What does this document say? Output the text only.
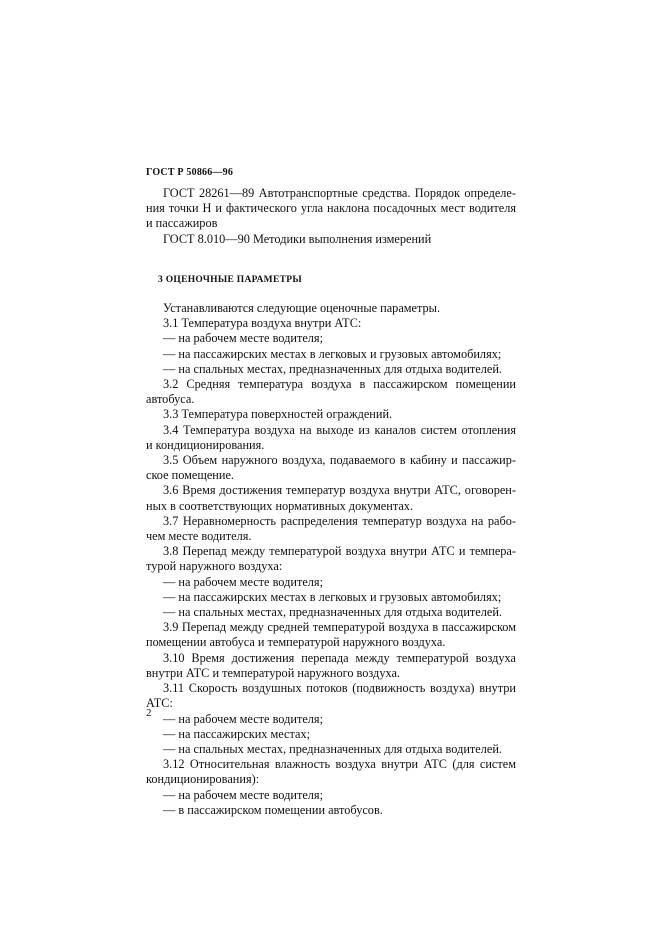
ГОСТ Р 50866—96
ГОСТ 28261—89 Автотранспортные средства. Порядок определе-
ния точки Н и фактического угла наклона посадочных мест водителя
и пассажиров
ГОСТ 8.010—90 Методики выполнения измерений
3 ОЦЕНОЧНЫЕ ПАРАМЕТРЫ
Устанавливаются следующие оценочные параметры.
3.1 Температура воздуха внутри АТС:
— на рабочем месте водителя;
— на пассажирских местах в легковых и грузовых автомобилях;
— на спальных местах, предназначенных для отдыха водителей.
3.2 Средняя температура воздуха в пассажирском помещении
автобуса.
3.3 Температура поверхностей ограждений.
3.4 Температура воздуха на выходе из каналов систем отопления
и кондиционирования.
3.5 Объем наружного воздуха, подаваемого в кабину и пассажир-
ское помещение.
3.6 Время достижения температур воздуха внутри АТС, оговорен-
ных в соответствующих нормативных документах.
3.7 Неравномерность распределения температур воздуха на рабо-
чем месте водителя.
3.8 Перепад между температурой воздуха внутри АТС и темпера-
турой наружного воздуха:
— на рабочем месте водителя;
— на пассажирских местах в легковых и грузовых автомобилях;
— на спальных местах, предназначенных для отдыха водителей.
3.9 Перепад между средней температурой воздуха в пассажирском
помещении автобуса и температурой наружного воздуха.
3.10 Время достижения перепада между температурой воздуха
внутри АТС и температурой наружного воздуха.
3.11 Скорость воздушных потоков (подвижность воздуха) внутри
АТС:
— на рабочем месте водителя;
— на пассажирских местах;
— на спальных местах, предназначенных для отдыха водителей.
3.12 Относительная влажность воздуха внутри АТС (для систем
кондиционирования):
— на рабочем месте водителя;
— в пассажирском помещении автобусов.
2
